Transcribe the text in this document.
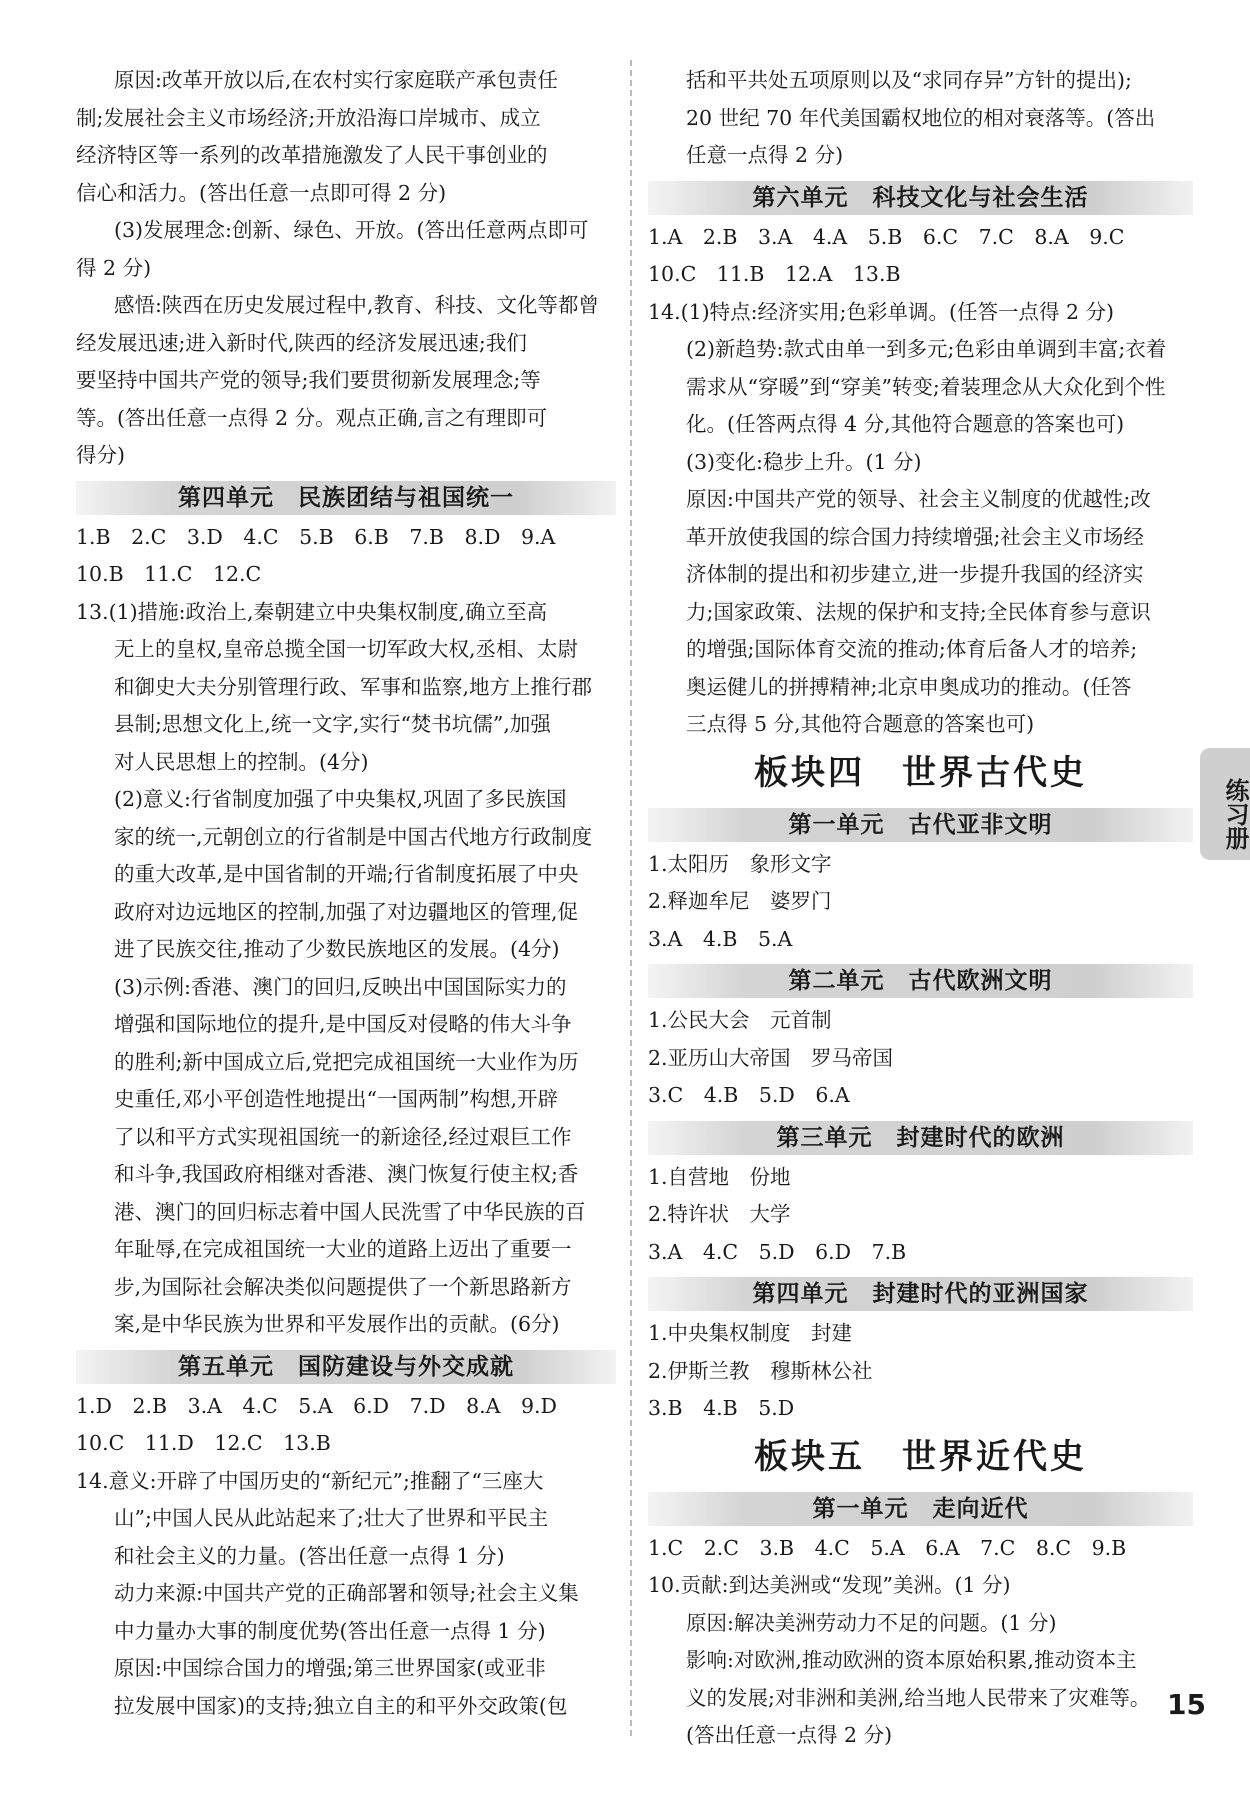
原因:改革开放以后,在农村实行家庭联产承包责任
制;发展社会主义市场经济;开放沿海口岸城市、成立
经济特区等一系列的改革措施激发了人民干事创业的
信心和活力。(答出任意一点即可得 2 分)
(3)发展理念:创新、绿色、开放。(答出任意两点即可
得 2 分)
感悟:陕西在历史发展过程中,教育、科技、文化等都曾
经发展迅速;进入新时代,陕西的经济发展迅速;我们
要坚持中国共产党的领导;我们要贯彻新发展理念;等
等。(答出任意一点得 2 分。观点正确,言之有理即可
得分)
第四单元　民族团结与祖国统一
1.B　2.C　3.D　4.C　5.B　6.B　7.B　8.D　9.A
10.B　11.C　12.C
13.(1)措施:政治上,秦朝建立中央集权制度,确立至高
无上的皇权,皇帝总揽全国一切军政大权,丞相、太尉
和御史大夫分别管理行政、军事和监察,地方上推行郡
县制;思想文化上,统一文字,实行“焚书坑儒”,加强
对人民思想上的控制。(4分)
(2)意义:行省制度加强了中央集权,巩固了多民族国
家的统一,元朝创立的行省制是中国古代地方行政制度
的重大改革,是中国省制的开端;行省制度拓展了中央
政府对边远地区的控制,加强了对边疆地区的管理,促
进了民族交往,推动了少数民族地区的发展。(4分)
(3)示例:香港、澳门的回归,反映出中国国际实力的
增强和国际地位的提升,是中国反对侵略的伟大斗争
的胜利;新中国成立后,党把完成祖国统一大业作为历
史重任,邓小平创造性地提出“一国两制”构想,开辟
了以和平方式实现祖国统一的新途径,经过艰巨工作
和斗争,我国政府相继对香港、澳门恢复行使主权;香
港、澳门的回归标志着中国人民洗雪了中华民族的百
年耻辱,在完成祖国统一大业的道路上迈出了重要一
步,为国际社会解决类似问题提供了一个新思路新方
案,是中华民族为世界和平发展作出的贡献。(6分)
第五单元　国防建设与外交成就
1.D　2.B　3.A　4.C　5.A　6.D　7.D　8.A　9.D
10.C　11.D　12.C　13.B
14.意义:开辟了中国历史的“新纪元”;推翻了“三座大
山”;中国人民从此站起来了;壮大了世界和平民主
和社会主义的力量。(答出任意一点得 1 分)
动力来源:中国共产党的正确部署和领导;社会主义集
中力量办大事的制度优势(答出任意一点得 1 分)
原因:中国综合国力的增强;第三世界国家(或亚非
拉发展中国家)的支持;独立自主的和平外交政策(包
括和平共处五项原则以及“求同存异”方针的提出);
20 世纪 70 年代美国霸权地位的相对衰落等。(答出
任意一点得 2 分)
第六单元　科技文化与社会生活
1.A　2.B　3.A　4.A　5.B　6.C　7.C　8.A　9.C
10.C　11.B　12.A　13.B
14.(1)特点:经济实用;色彩单调。(任答一点得 2 分)
(2)新趋势:款式由单一到多元;色彩由单调到丰富;衣着
需求从“穿暖”到“穿美”转变;着装理念从大众化到个性
化。(任答两点得 4 分,其他符合题意的答案也可)
(3)变化:稳步上升。(1 分)
原因:中国共产党的领导、社会主义制度的优越性;改
革开放使我国的综合国力持续增强;社会主义市场经
济体制的提出和初步建立,进一步提升我国的经济实
力;国家政策、法规的保护和支持;全民体育参与意识
的增强;国际体育交流的推动;体育后备人才的培养;
奥运健儿的拼搏精神;北京申奥成功的推动。(任答
三点得 5 分,其他符合题意的答案也可)
板块四　世界古代史
第一单元　古代亚非文明
1.太阳历　象形文字
2.释迦牟尼　婆罗门
3.A　4.B　5.A
第二单元　古代欧洲文明
1.公民大会　元首制
2.亚历山大帝国　罗马帝国
3.C　4.B　5.D　6.A
第三单元　封建时代的欧洲
1.自营地　份地
2.特许状　大学
3.A　4.C　5.D　6.D　7.B
第四单元　封建时代的亚洲国家
1.中央集权制度　封建
2.伊斯兰教　穆斯林公社
3.B　4.B　5.D
板块五　世界近代史
第一单元　走向近代
1.C　2.C　3.B　4.C　5.A　6.A　7.C　8.C　9.B
10.贡献:到达美洲或“发现”美洲。(1 分)
原因:解决美洲劳动力不足的问题。(1 分)
影响:对欧洲,推动欧洲的资本原始积累,推动资本主
义的发展;对非洲和美洲,给当地人民带来了灾难等。
(答出任意一点得 2 分)
练习册
15
